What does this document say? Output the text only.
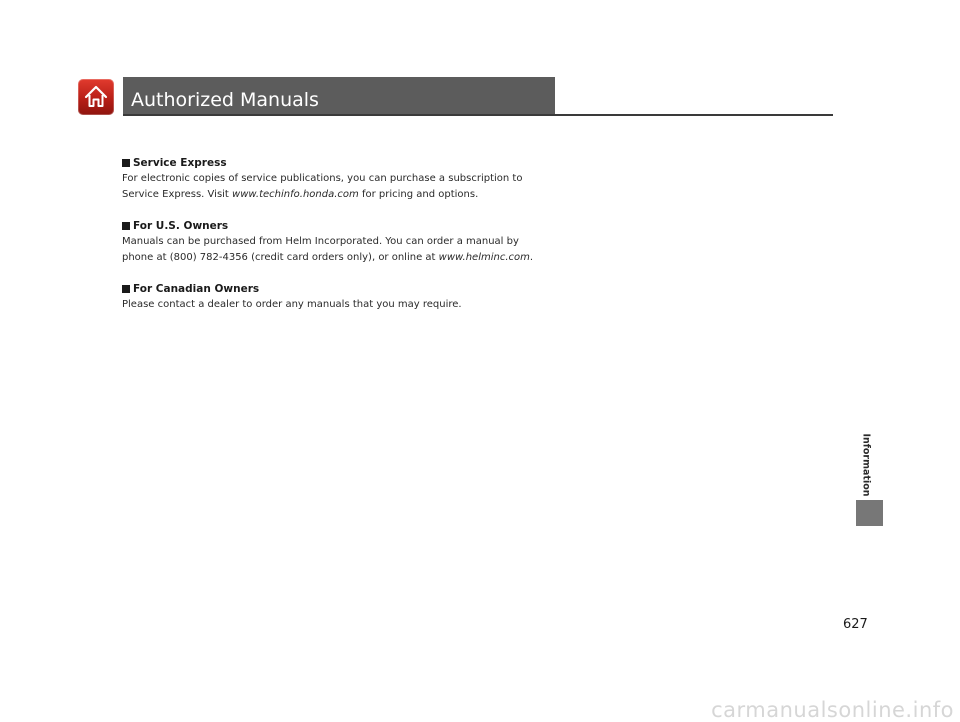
Authorized Manuals
Service Express
For electronic copies of service publications, you can purchase a subscription to
Service Express. Visit www.techinfo.honda.com for pricing and options.
For U.S. Owners
Manuals can be purchased from Helm Incorporated. You can order a manual by
phone at (800) 782-4356 (credit card orders only), or online at www.helminc.com.
For Canadian Owners
Please contact a dealer to order any manuals that you may require.
Information
627
carmanualsonline.info
